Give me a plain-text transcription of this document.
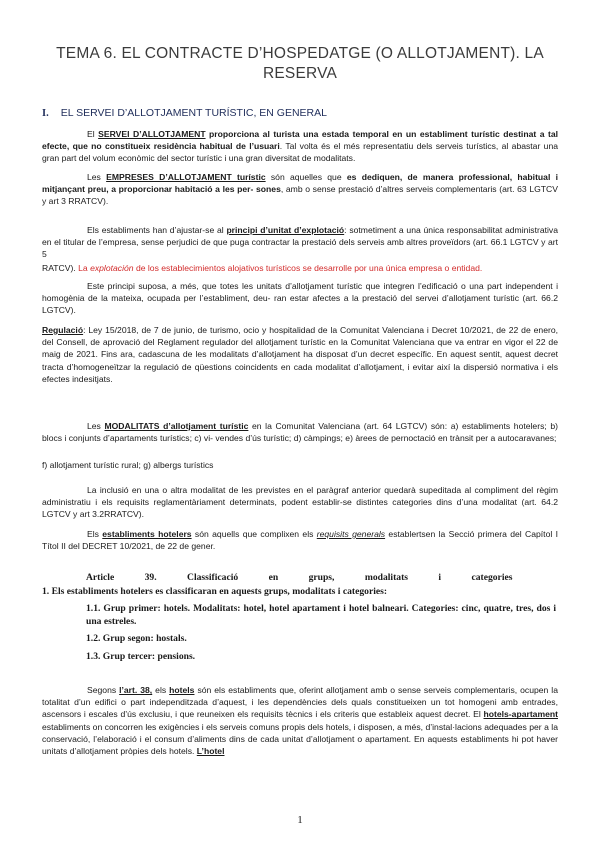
TEMA 6. EL CONTRACTE D’HOSPEDATGE (O ALLOTJAMENT). LA RESERVA
I. EL SERVEI D’ALLOTJAMENT TURÍSTIC, EN GENERAL
El SERVEI D’ALLOTJAMENT proporciona al turista una estada temporal en un establiment turístic destinat a tal efecte, que no constitueix residència habitual de l’usuari. Tal volta és el més representatiu dels serveis turístics, al abastar una gran part del volum econòmic del sector turístic i una gran diversitat de modalitats.
Les EMPRESES D’ALLOTJAMENT turístic són aquelles que es dediquen, de manera professional, habitual i mitjançant preu, a proporcionar habitació a les per- sones, amb o sense prestació d’altres serveis complementaris (art. 63 LGTCV y art 3 RRATCV).
Els establiments han d’ajustar-se al principi d’unitat d’explotació: sotmetiment a una única responsabilitat administrativa en el titular de l’empresa, sense perjudici de que puga contractar la prestació dels serveis amb altres proveïdors (art. 66.1 LGTCV y art 5
RATCV). La explotación de los establecimientos alojativos turísticos se desarrolle por una única empresa o entidad.
Este principi suposa, a més, que totes les unitats d’allotjament turístic que integren l’edificació o una part independent i homogènia de la mateixa, ocupada per l’establiment, deu- ran estar afectes a la prestació del servei d’allotjament turístic (art. 66.2 LGTCV).
Regulació: Ley 15/2018, de 7 de junio, de turismo, ocio y hospitalidad de la Comunitat Valenciana i Decret 10/2021, de 22 de enero, del Consell, de aprovació del Reglament regulador del allotjament turístic en la Comunitat Valenciana que va entrar en vigor el 22 de maig de 2021. Fins ara, cadascuna de les modalitats d’allotjament ha disposat d’un decret específic. En aquest sentit, aquest decret tracta d’homogeneïtzar la regulació de qüestions coincidents en cada modalitat d’allotjament, i evitar així la dispersió normativa i els efectes indesitjats.
Les MODALITATS d’allotjament turístic en la Comunitat Valenciana (art. 64 LGTCV) són: a) establiments hotelers; b) blocs i conjunts d’apartaments turístics; c) vi- vendes d’ús turístic; d) càmpings; e) àrees de pernoctació en trànsit per a autocaravanes;
f) allotjament turístic rural; g) albergs turístics
La inclusió en una o altra modalitat de les previstes en el paràgraf anterior quedarà supeditada al compliment del règim administratiu i els requisits reglamentàriament determinats, podent establir-se distintes categories dins d’una modalitat (art. 64.2 LGTCV y art 3.2RRATCV).
Els establiments hotelers són aquells que complixen els requisits generals establertsen la Secció primera del Capítol I Títol II del DECRET 10/2021, de 22 de gener.
Article 39. Classificació en grups, modalitats i categories
1. Els establiments hotelers es classificaran en aquests grups, modalitats i categories:
1.1. Grup primer: hotels. Modalitats: hotel, hotel apartament i hotel balneari. Categories: cinc, quatre, tres, dos i una estreles.
1.2. Grup segon: hostals.
1.3. Grup tercer: pensions.
Segons l’art. 38, els hotels són els establiments que, oferint allotjament amb o sense serveis complementaris, ocupen la totalitat d’un edifici o part independitzada d’aquest, i les dependències dels quals constitueixen un tot homogeni amb entrades, ascensors i escales d’ús exclusiu, i que reuneixen els requisits tècnics i els criteris que estableix aquest decret. El hotels-apartament establiments on concorren les exigències i els serveis comuns propis dels hotels, i disposen, a més, d’instal·lacions adequades per a la conservació, l’elaboració i el consum d’aliments dins de cada unitat d’allotjament o apartament. En aquests establiments hi pot haver unitats d’allotjament pròpies dels hotels. L’hotel
1
